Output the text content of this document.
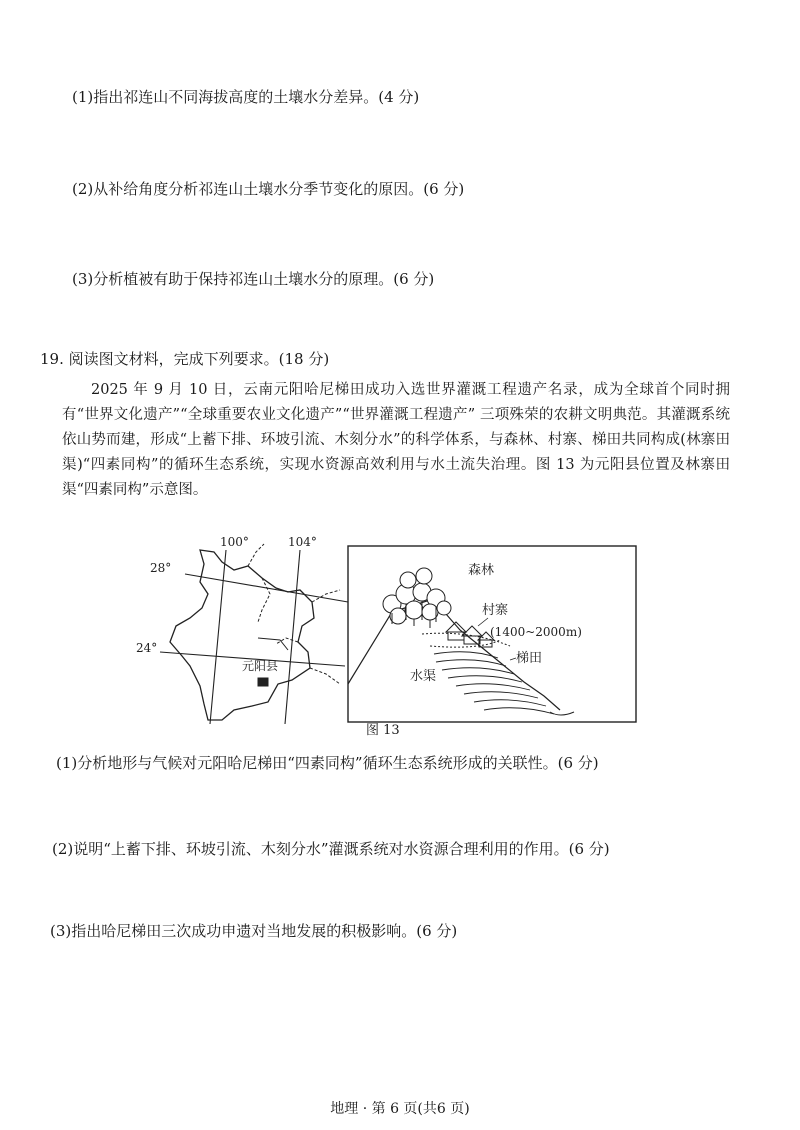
(1)指出祁连山不同海拔高度的土壤水分差异。(4 分)
(2)从补给角度分析祁连山土壤水分季节变化的原因。(6 分)
(3)分析植被有助于保持祁连山土壤水分的原理。(6 分)
19. 阅读图文材料，完成下列要求。(18 分)
2025 年 9 月 10 日，云南元阳哈尼梯田成功入选世界灌溉工程遗产名录，成为全球首个同时拥有“世界文化遗产”“全球重要农业文化遗产”“世界灌溉工程遗产” 三项殊荣的农耕文明典范。其灌溉系统依山势而建，形成“上蓄下排、环坡引流、木刻分水”的科学体系，与森林、村寨、梯田共同构成(林寨田渠)“四素同构”的循环生态系统，实现水资源高效利用与水土流失治理。图 13 为元阳县位置及林寨田渠“四素同构”示意图。
100°	104°
28°
24°
元阳县
森林
村寨
(1400~2000m)
梯田
水渠
图 13
(1)分析地形与气候对元阳哈尼梯田“四素同构”循环生态系统形成的关联性。(6 分)
(2)说明“上蓄下排、环坡引流、木刻分水”灌溉系统对水资源合理利用的作用。(6 分)
(3)指出哈尼梯田三次成功申遗对当地发展的积极影响。(6 分)
地理 · 第 6 页(共6 页)
